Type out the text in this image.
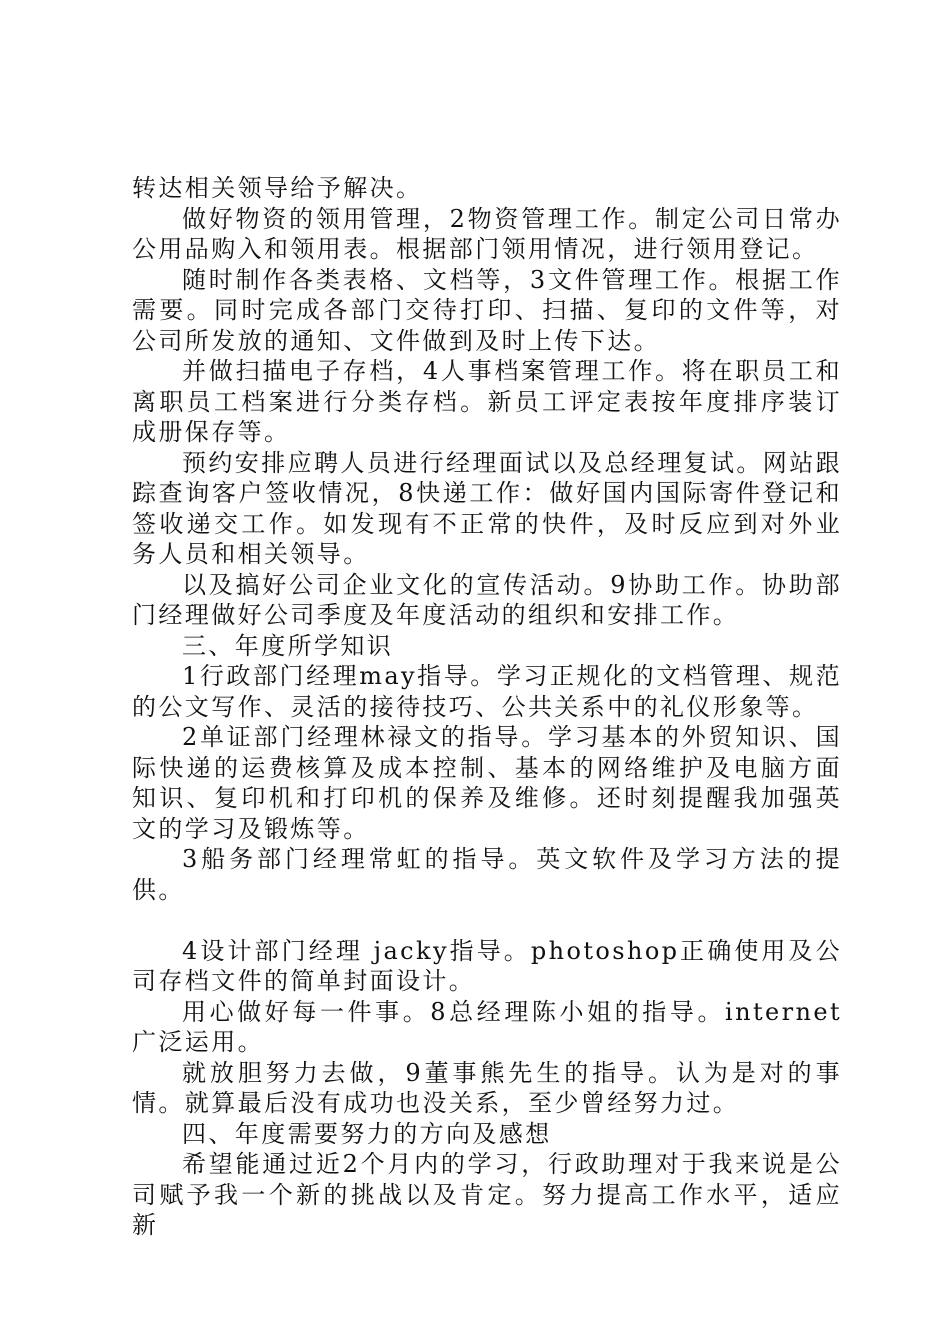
转达相关领导给予解决。

做好物资的领用管理，2物资管理工作。制定公司日常办公用品购入和领用表。根据部门领用情况，进行领用登记。

随时制作各类表格、文档等，3文件管理工作。根据工作需要。同时完成各部门交待打印、扫描、复印的文件等，对公司所发放的通知、文件做到及时上传下达。

并做扫描电子存档，4人事档案管理工作。将在职员工和离职员工档案进行分类存档。新员工评定表按年度排序装订成册保存等。

预约安排应聘人员进行经理面试以及总经理复试。网站跟踪查询客户签收情况，8快递工作：做好国内国际寄件登记和签收递交工作。如发现有不正常的快件，及时反应到对外业务人员和相关领导。

以及搞好公司企业文化的宣传活动。9协助工作。协助部门经理做好公司季度及年度活动的组织和安排工作。

三、年度所学知识

1行政部门经理may指导。学习正规化的文档管理、规范的公文写作、灵活的接待技巧、公共关系中的礼仪形象等。

2单证部门经理林禄文的指导。学习基本的外贸知识、国际快递的运费核算及成本控制、基本的网络维护及电脑方面知识、复印机和打印机的保养及维修。还时刻提醒我加强英文的学习及锻炼等。

3船务部门经理常虹的指导。英文软件及学习方法的提供。

4设计部门经理 jacky指导。photoshop正确使用及公司存档文件的简单封面设计。

用心做好每一件事。8总经理陈小姐的指导。internet广泛运用。

就放胆努力去做，9董事熊先生的指导。认为是对的事情。就算最后没有成功也没关系，至少曾经努力过。

四、年度需要努力的方向及感想

希望能通过近2个月内的学习，行政助理对于我来说是公司赋予我一个新的挑战以及肯定。努力提高工作水平，适应新
